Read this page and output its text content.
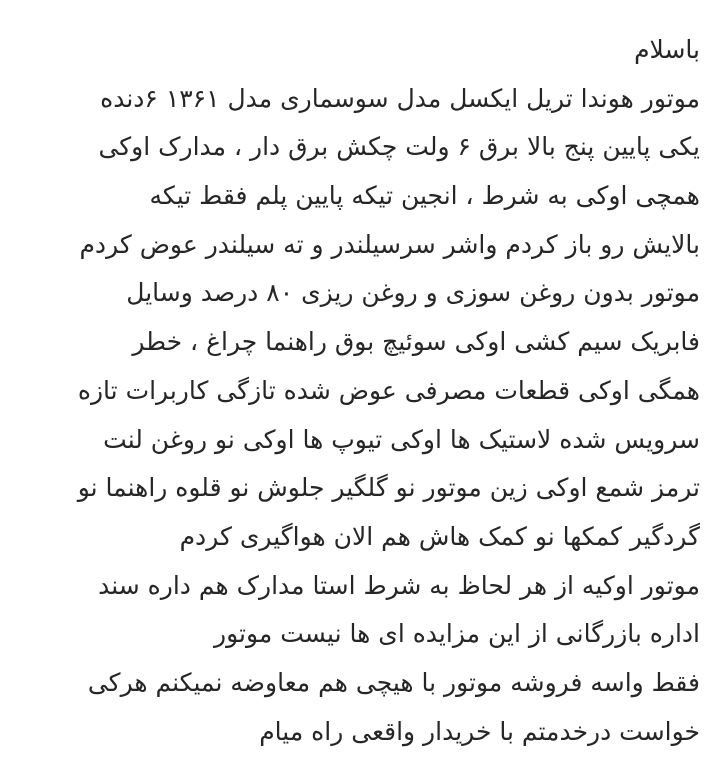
باسلام
موتور هوندا تریل ایکسل مدل سوسماری مدل ۱۳۶۱ ۶دنده
یکی پایین پنج بالا برق ۶ ولت چکش برق دار ، مدارک اوکی
همچی اوکی به شرط ، انجین تیکه پایین پلم فقط تیکه
بالایش رو باز کردم واشر سرسیلندر و ته سیلندر عوض کردم
موتور بدون روغن سوزی و روغن ریزی ۸۰ درصد وسایل
فابریک سیم کشی اوکی سوئیچ بوق راهنما چراغ ، خطر
همگی اوکی قطعات مصرفی عوض شده تازگی کاربرات تازه
سرویس شده لاستیک ها اوکی تیوپ ها اوکی نو روغن لنت
ترمز شمع اوکی زین موتور نو گلگیر جلوش نو قلوه راهنما نو
گردگیر کمکها نو کمک هاش هم الان هواگیری کردم
موتور اوکیه از هر لحاظ به شرط استا مدارک هم داره سند
اداره بازرگانی از این مزایده ای ها نیست موتور
فقط واسه فروشه موتور با هیچی هم معاوضه نمیکنم هرکی
خواست درخدمتم با خریدار واقعی راه میام
